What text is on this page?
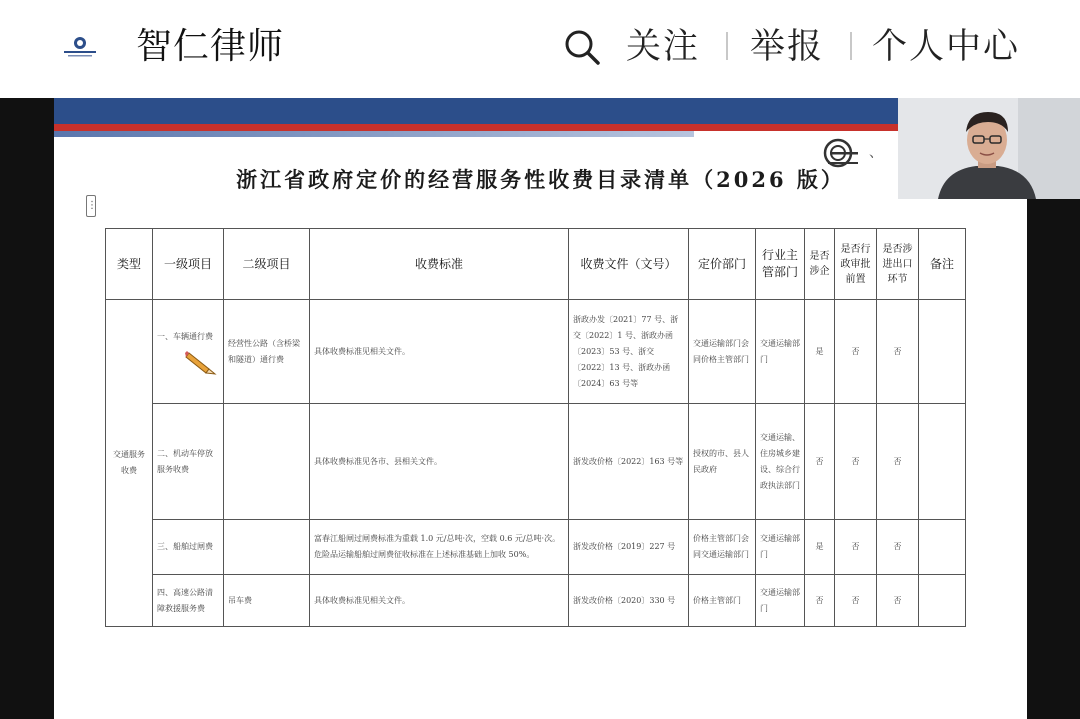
智仁律师	关注 举报 个人中心
、
浙江省政府定价的经营服务性收费目录清单（2026 版）
⋮
类型	一级项目	二级项目	收费标准	收费文件（文号）	定价部门	行业主管部门	是否涉企	是否行政审批前置	是否涉进出口环节	备注
交通服务收费	一、车辆通行费	经营性公路（含桥梁和隧道）通行费	具体收费标准见相关文件。	浙政办发〔2021〕77 号、浙交〔2022〕1 号、浙政办函〔2023〕53 号、浙交〔2022〕13 号、浙政办函〔2024〕63 号等	交通运输部门会同价格主管部门	交通运输部门	是	否	否	
	二、机动车停放服务收费		具体收费标准见各市、县相关文件。	浙发改价格〔2022〕163 号等	授权的市、县人民政府	交通运输、住房城乡建设、综合行政执法部门	否	否	否	
	三、船舶过闸费		富春江船闸过闸费标准为重载 1.0 元/总吨·次，空载 0.6 元/总吨·次。危险品运输船舶过闸费征收标准在上述标准基础上加收 50%。	浙发改价格〔2019〕227 号	价格主管部门会同交通运输部门	交通运输部门	是	否	否	
	四、高速公路清障救援服务费	吊车费	具体收费标准见相关文件。	浙发改价格〔2020〕330 号	价格主管部门	交通运输部门	否	否	否	
